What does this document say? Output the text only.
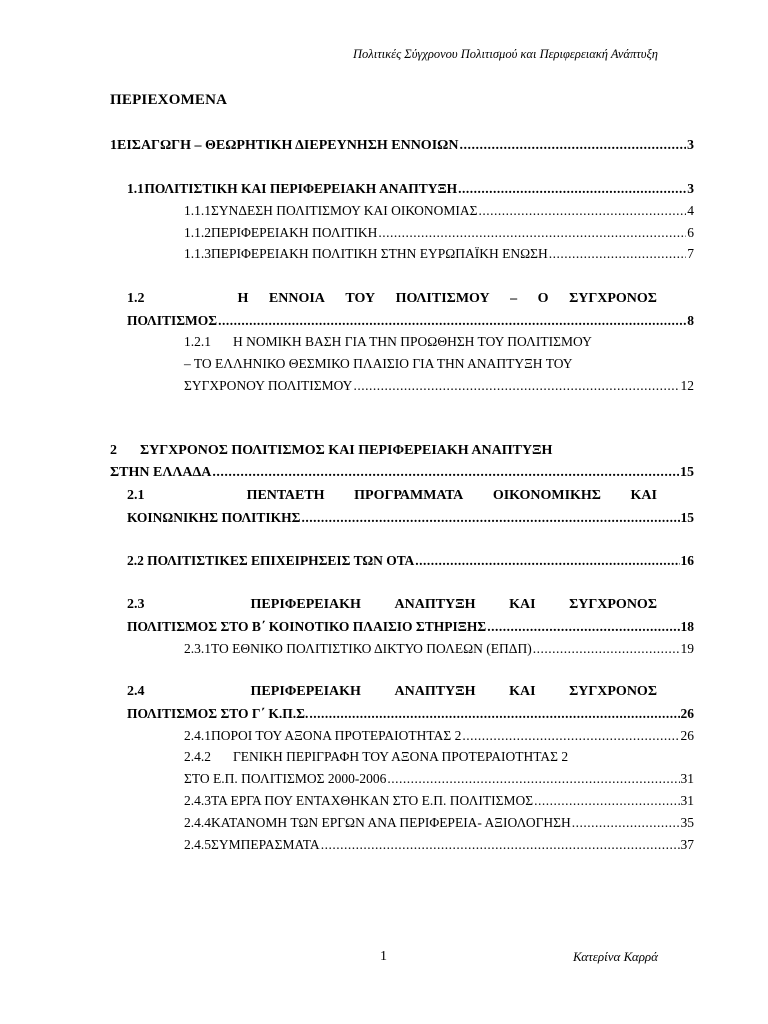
Πολιτικές Σύγχρονου Πολιτισμού και Περιφερειακή Ανάπτυξη
ΠΕΡΙΕΧΟΜΕΝΑ
1 ΕΙΣΑΓΩΓΗ – ΘΕΩΡΗΤΙΚΗ ΔΙΕΡΕΥΝΗΣΗ ΕΝΝΟΙΩΝ .....	3
1.1 ΠΟΛΙΤΙΣΤΙΚΗ ΚΑΙ ΠΕΡΙΦΕΡΕΙΑΚΗ ΑΝΑΠΤΥΞΗ .....	3
1.1.1 ΣΥΝΔΕΣΗ ΠΟΛΙΤΙΣΜΟΥ ΚΑΙ ΟΙΚΟΝΟΜΙΑΣ .....	4
1.1.2 ΠΕΡΙΦΕΡΕΙΑΚΗ ΠΟΛΙΤΙΚΗ .....	6
1.1.3 ΠΕΡΙΦΕΡΕΙΑΚΗ ΠΟΛΙΤΙΚΗ ΣΤΗΝ ΕΥΡΩΠΑΪΚΗ ΕΝΩΣΗ .....	7
1.2	Η ΕΝΝΟΙΑ ΤΟΥ ΠΟΛΙΤΙΣΜΟΥ – Ο ΣΥΓΧΡΟΝΟΣ
ΠΟΛΙΤΙΣΜΟΣ .....	8
1.2.1 Η ΝΟΜΙΚΗ ΒΑΣΗ ΓΙΑ ΤΗΝ ΠΡΟΩΘΗΣΗ ΤΟΥ ΠΟΛΙΤΙΣΜΟΥ
– ΤΟ ΕΛΛΗΝΙΚΟ ΘΕΣΜΙΚΟ ΠΛΑΙΣΙΟ ΓΙΑ ΤΗΝ ΑΝΑΠΤΥΞΗ ΤΟΥ
ΣΥΓΧΡΟΝΟΥ ΠΟΛΙΤΙΣΜΟΥ .....	12
2 ΣΥΓΧΡΟΝΟΣ ΠΟΛΙΤΙΣΜΟΣ ΚΑΙ ΠΕΡΙΦΕΡΕΙΑΚΗ ΑΝΑΠΤΥΞΗ
ΣΤΗΝ ΕΛΛΑΔΑ .....	15
2.1	ΠΕΝΤΑΕΤΗ ΠΡΟΓΡΑΜΜΑΤΑ ΟΙΚΟΝΟΜΙΚΗΣ ΚΑΙ
ΚΟΙΝΩΝΙΚΗΣ ΠΟΛΙΤΙΚΗΣ .....	15
2.2 ΠΟΛΙΤΙΣΤΙΚΕΣ ΕΠΙΧΕΙΡΗΣΕΙΣ ΤΩΝ ΟΤΑ .....	16
2.3	ΠΕΡΙΦΕΡΕΙΑΚΗ ΑΝΑΠΤΥΞΗ ΚΑΙ ΣΥΓΧΡΟΝΟΣ
ΠΟΛΙΤΙΣΜΟΣ ΣΤΟ Β΄ ΚΟΙΝΟΤΙΚΟ ΠΛΑΙΣΙΟ ΣΤΗΡΙΞΗΣ .....	18
2.3.1 ΤΟ ΕΘΝΙΚΟ ΠΟΛΙΤΙΣΤΙΚΟ ΔΙΚΤΥΟ ΠΟΛΕΩΝ (ΕΠΔΠ) .....	19
2.4	ΠΕΡΙΦΕΡΕΙΑΚΗ ΑΝΑΠΤΥΞΗ ΚΑΙ ΣΥΓΧΡΟΝΟΣ
ΠΟΛΙΤΙΣΜΟΣ ΣΤΟ Γ΄ Κ.Π.Σ. .....	26
2.4.1 ΠΟΡΟΙ ΤΟΥ ΑΞΟΝΑ ΠΡΟΤΕΡΑΙΟΤΗΤΑΣ 2 .....	26
2.4.2 ΓΕΝΙΚΗ ΠΕΡΙΓΡΑΦΗ ΤΟΥ ΑΞΟΝΑ ΠΡΟΤΕΡΑΙΟΤΗΤΑΣ 2
ΣΤΟ Ε.Π. ΠΟΛΙΤΙΣΜΟΣ 2000-2006 .....	31
2.4.3 ΤΑ ΕΡΓΑ ΠΟΥ ΕΝΤΑΧΘΗΚΑΝ ΣΤΟ Ε.Π. ΠΟΛΙΤΙΣΜΟΣ .....	31
2.4.4 ΚΑΤΑΝΟΜΗ ΤΩΝ ΕΡΓΩΝ ΑΝΑ ΠΕΡΙΦΕΡΕΙΑ- ΑΞΙΟΛΟΓΗΣΗ .....	35
2.4.5 ΣΥΜΠΕΡΑΣΜΑΤΑ .....	37
1	Κατερίνα Καρρά
